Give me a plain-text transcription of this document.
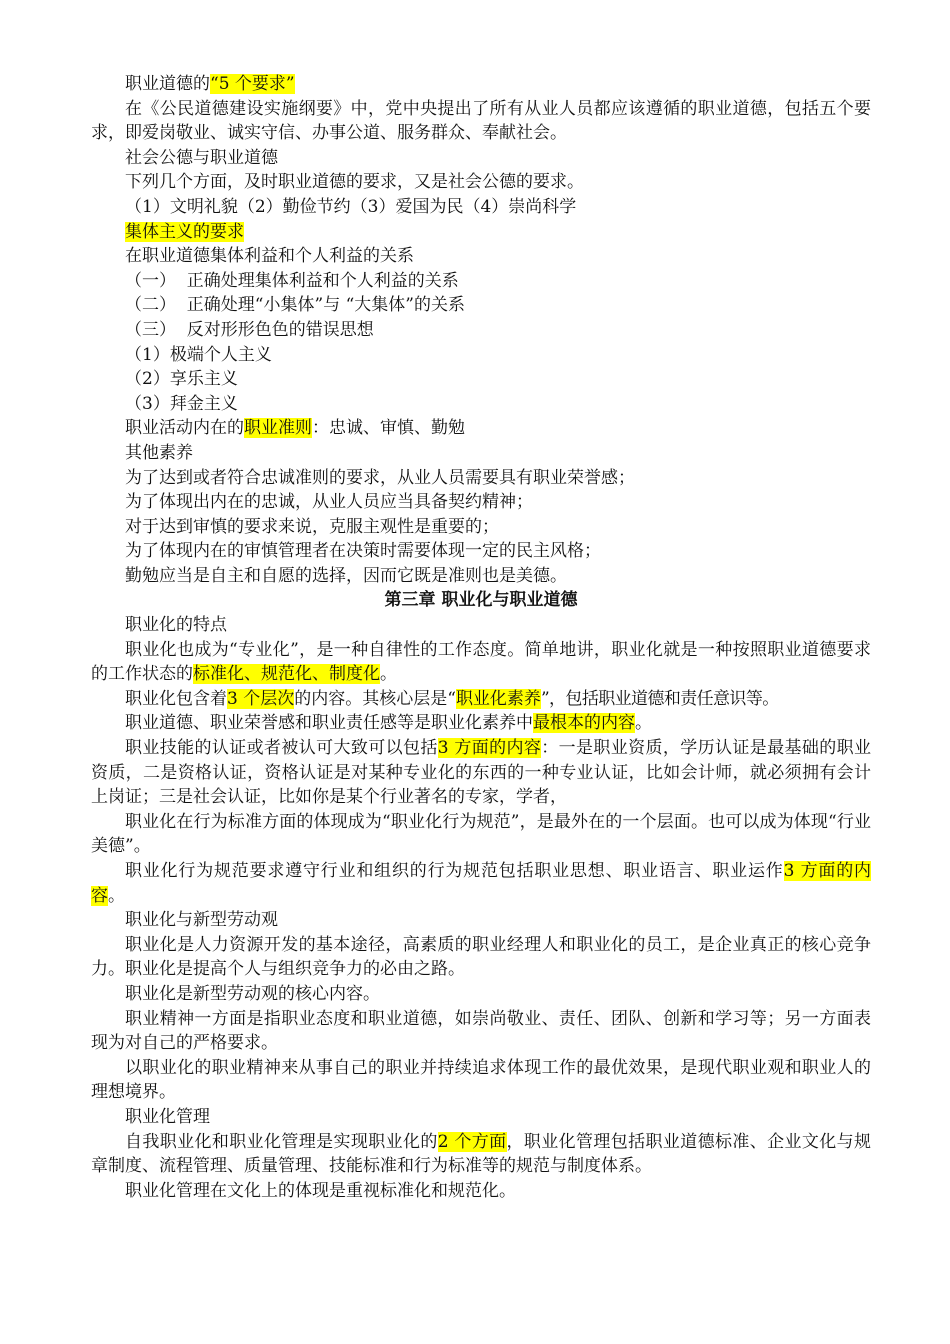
职业道德的“5 个要求”

在《公民道德建设实施纲要》中，党中央提出了所有从业人员都应该遵循的职业道德，包括五个要求，即爱岗敬业、诚实守信、办事公道、服务群众、奉献社会。

社会公德与职业道德

下列几个方面，及时职业道德的要求，又是社会公德的要求。

（1）文明礼貌（2）勤俭节约（3）爱国为民（4）崇尚科学

集体主义的要求

在职业道德集体利益和个人利益的关系

（一）  正确处理集体利益和个人利益的关系

（二）  正确处理“小集体”与 “大集体”的关系

（三）  反对形形色色的错误思想

（1）极端个人主义

（2）享乐主义

（3）拜金主义

职业活动内在的职业准则：忠诚、审慎、勤勉

其他素养

为了达到或者符合忠诚准则的要求，从业人员需要具有职业荣誉感；

为了体现出内在的忠诚，从业人员应当具备契约精神；

对于达到审慎的要求来说，克服主观性是重要的；

为了体现内在的审慎管理者在决策时需要体现一定的民主风格；

勤勉应当是自主和自愿的选择，因而它既是准则也是美德。

第三章 职业化与职业道德

职业化的特点

职业化也成为“专业化”，是一种自律性的工作态度。简单地讲，职业化就是一种按照职业道德要求的工作状态的标准化、规范化、制度化。

职业化包含着3 个层次的内容。其核心层是“职业化素养”，包括职业道德和责任意识等。

职业道德、职业荣誉感和职业责任感等是职业化素养中最根本的内容。

职业技能的认证或者被认可大致可以包括3 方面的内容：一是职业资质，学历认证是最基础的职业资质，二是资格认证，资格认证是对某种专业化的东西的一种专业认证，比如会计师，就必须拥有会计上岗证；三是社会认证，比如你是某个行业著名的专家，学者，

职业化在行为标准方面的体现成为“职业化行为规范”，是最外在的一个层面。也可以成为体现“行业美德”。

职业化行为规范要求遵守行业和组织的行为规范包括职业思想、职业语言、职业运作3 方面的内容。

职业化与新型劳动观

职业化是人力资源开发的基本途径，高素质的职业经理人和职业化的员工，是企业真正的核心竞争力。职业化是提高个人与组织竞争力的必由之路。

职业化是新型劳动观的核心内容。

职业精神一方面是指职业态度和职业道德，如崇尚敬业、责任、团队、创新和学习等；另一方面表现为对自己的严格要求。

以职业化的职业精神来从事自己的职业并持续追求体现工作的最优效果，是现代职业观和职业人的理想境界。

职业化管理

自我职业化和职业化管理是实现职业化的2 个方面，职业化管理包括职业道德标准、企业文化与规章制度、流程管理、质量管理、技能标准和行为标准等的规范与制度体系。

职业化管理在文化上的体现是重视标准化和规范化。
